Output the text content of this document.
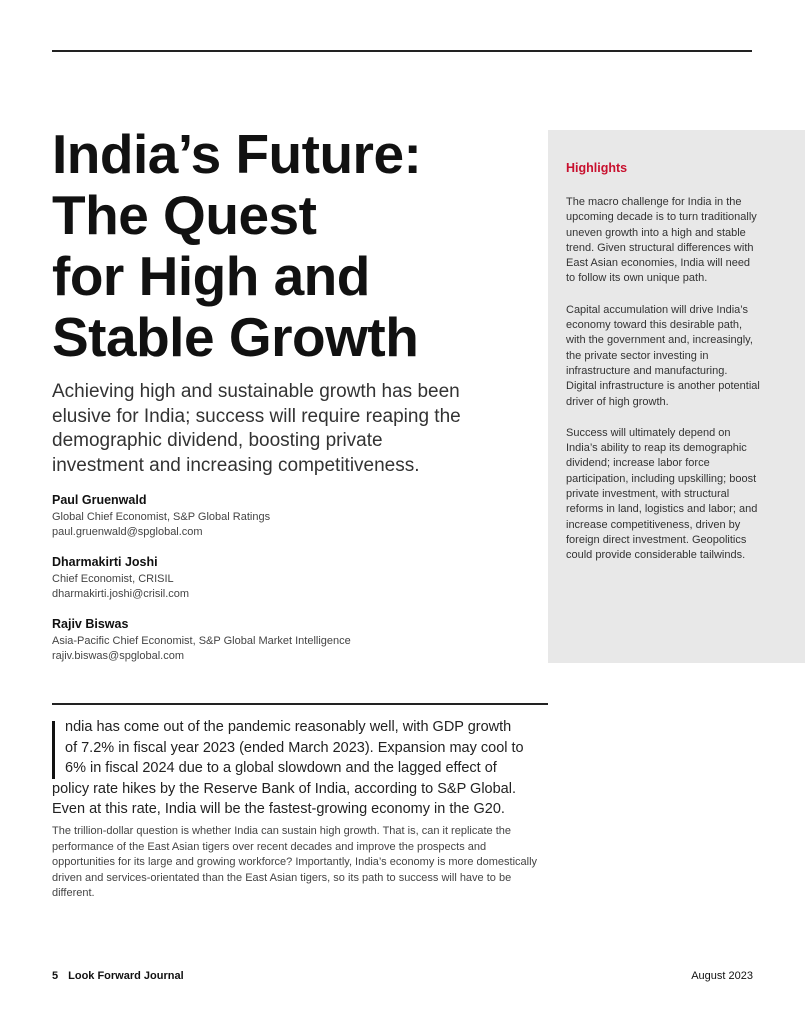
India’s Future:
The Quest
for High and
Stable Growth

Achieving high and sustainable growth has been elusive for India; success will require reaping the demographic dividend, boosting private investment and increasing competitiveness.

Paul Gruenwald
Global Chief Economist, S&P Global Ratings
paul.gruenwald@spglobal.com
Dharmakirti Joshi
Chief Economist, CRISIL
dharmakirti.joshi@crisil.com
Rajiv Biswas
Asia-Pacific Chief Economist, S&P Global Market Intelligence
rajiv.biswas@spglobal.com
Highlights

The macro challenge for India in the upcoming decade is to turn traditionally uneven growth into a high and stable trend. Given structural differences with East Asian economies, India will need to follow its own unique path.

Capital accumulation will drive India’s economy toward this desirable path, with the government and, increasingly, the private sector investing in infrastructure and manufacturing. Digital infrastructure is another potential driver of high growth.

Success will ultimately depend on India’s ability to reap its demographic dividend; increase labor force participation, including upskilling; boost private investment, with structural reforms in land, logistics and labor; and increase competitiveness, driven by foreign direct investment. Geopolitics could provide considerable tailwinds.

ndia has come out of the pandemic reasonably well, with GDP growth
of 7.2% in fiscal year 2023 (ended March 2023). Expansion may cool to
6% in fiscal 2024 due to a global slowdown and the lagged effect of
policy rate hikes by the Reserve Bank of India, according to S&P Global.
Even at this rate, India will be the fastest-growing economy in the G20.

The trillion-dollar question is whether India can sustain high growth. That is, can it replicate the performance of the East Asian tigers over recent decades and improve the prospects and opportunities for its large and growing workforce? Importantly, India’s economy is more domestically driven and services-orientated than the East Asian tigers, so its path to success will have to be different.

5 Look Forward Journal	August 2023
